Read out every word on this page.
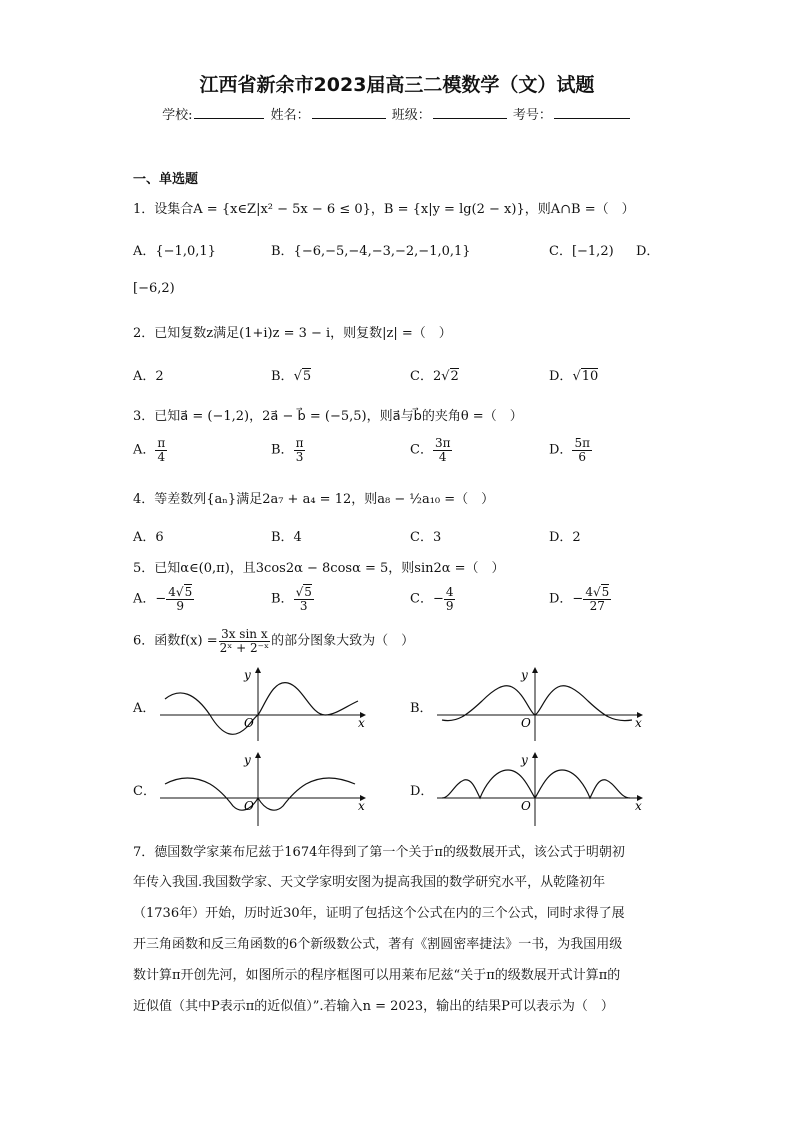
江西省新余市2023届高三二模数学（文）试题
学校:	姓名：	班级：	考号：
一、单选题
1．设集合A = {x∈Z|x² − 5x − 6 ≤ 0}，B = {x|y = lg(2 − x)}，则A∩B =（　）
A．{−1,0,1}	B．{−6,−5,−4,−3,−2,−1,0,1}	C．[−1,2) D．
[−6,2)
2．已知复数z满足(1+i)z = 3 − i，则复数|z| =（　）
A．2	B．√5	C．2√2	D．√10
3．已知a⃗ = (−1,2)，2a⃗ − b⃗ = (−5,5)，则a⃗与b⃗的夹角θ =（　）
A． $\frac{\pi}{4}$	B． $\frac{\pi}{3}$	C． $\frac{3\pi}{4}$	D． $\frac{5\pi}{6}$
4．等差数列{aₙ}满足2a₇ + a₄ = 12，则a₈ − ½a₁₀ =（　）
A．6	B．4	C．3	D．2
5．已知α∈(0,π)，且3cos2α − 8cosα = 5，则sin2α =（　）
A．− $\frac{4√5}{9}$	B． $\frac{√5}{3}$	C．− $\frac{4}{9}$	D．− $\frac{4√5}{27}$
6．函数$f(x) = \frac{\text{3x sin x}}{\text{2ˣ + 2⁻ˣ}}$ 的部分图象大致为（　）
A．	B．
C．	D．
x
y
O	x
y
O
x
y
O	x
y
O
7．德国数学家莱布尼兹于1674年得到了第一个关于π的级数展开式，该公式于明朝初
年传入我国.我国数学家、天文学家明安图为提高我国的数学研究水平，从乾隆初年
（1736年）开始，历时近30年，证明了包括这个公式在内的三个公式，同时求得了展
开三角函数和反三角函数的6个新级数公式，著有《割圆密率捷法》一书，为我国用级
数计算π开创先河，如图所示的程序框图可以用莱布尼兹“关于π的级数展开式计算π的
近似值（其中P表示π的近似值）”.若输入n = 2023，输出的结果P可以表示为（　）
